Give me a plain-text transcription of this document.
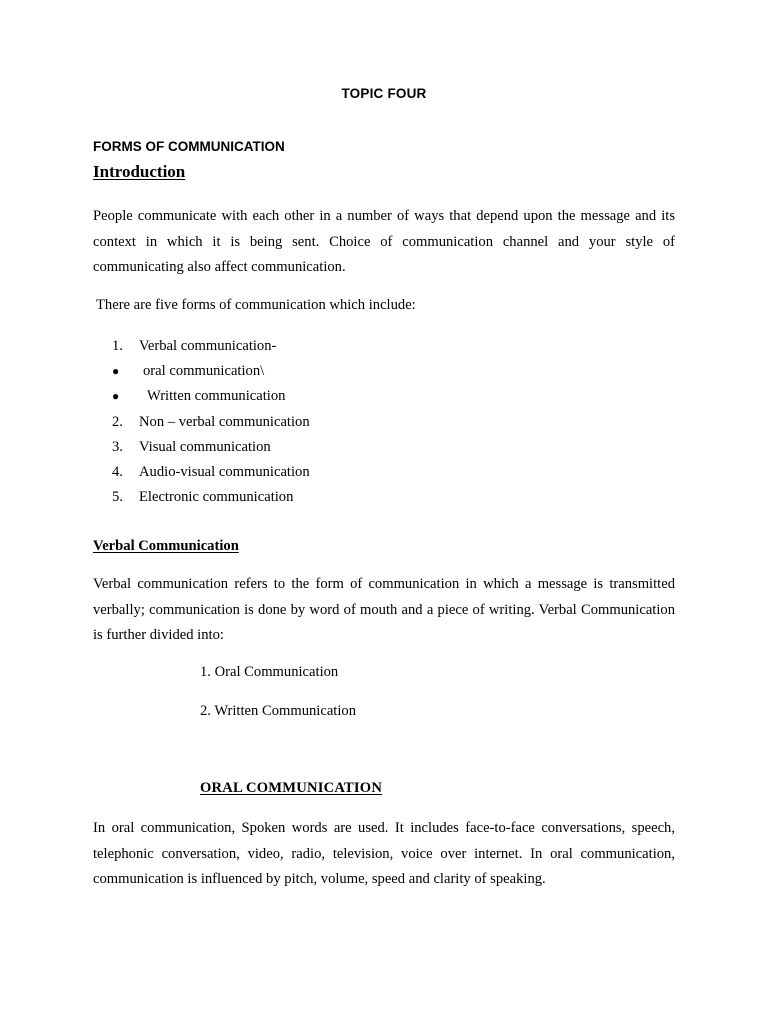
TOPIC FOUR
FORMS OF COMMUNICATION
Introduction
People communicate with each other in a number of ways that depend upon the message and its context in which it is being sent. Choice of communication channel and your style of communicating also affect communication.
There are five forms of communication which include:
1. Verbal communication-
● oral communication\
● Written communication
2. Non – verbal communication
3. Visual communication
4. Audio-visual communication
5. Electronic communication
Verbal Communication
Verbal communication refers to the form of communication in which a message is transmitted verbally; communication is done by word of mouth and a piece of writing. Verbal Communication is further divided into:
1. Oral Communication
2. Written Communication
ORAL COMMUNICATION
In oral communication, Spoken words are used. It includes face-to-face conversations, speech, telephonic conversation, video, radio, television, voice over internet. In oral communication, communication is influenced by pitch, volume, speed and clarity of speaking.
